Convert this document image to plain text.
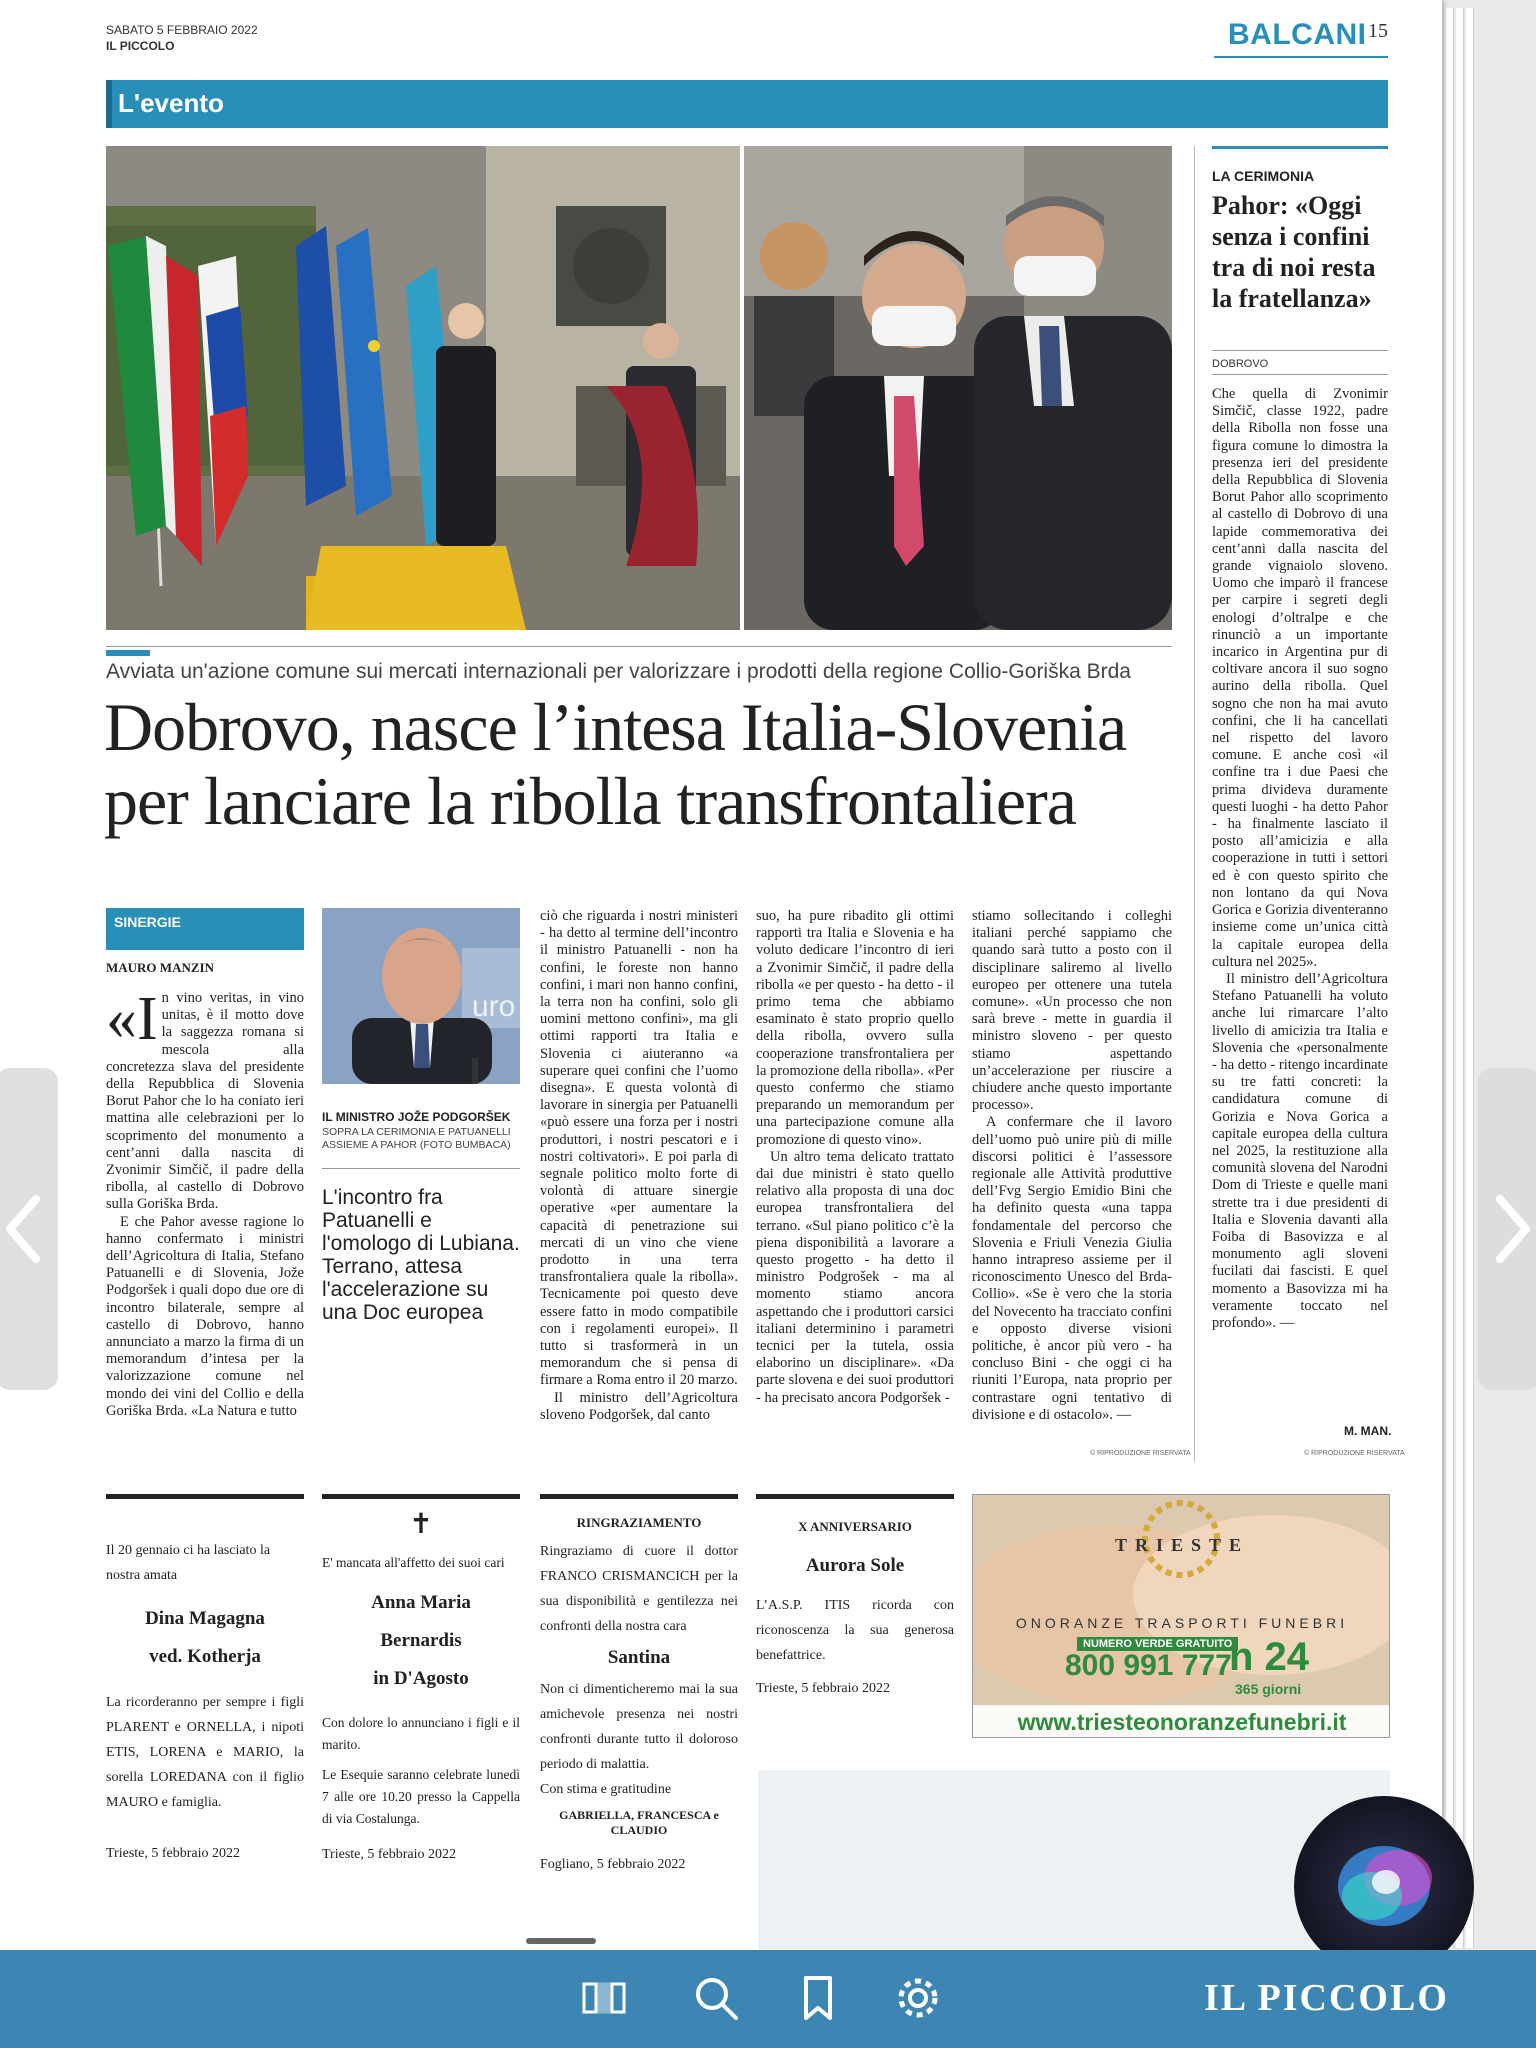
SABATO 5 FEBBRAIO 2022
IL PICCOLO	BALCANI 15
L'evento
Avviata un'azione comune sui mercati internazionali per valorizzare i prodotti della regione Collio-Goriška Brda
Dobrovo, nasce l’intesa Italia-Slovenia
per lanciare la ribolla transfrontaliera
SINERGIE
MAURO MANZIN
«I n vino veritas, in vino unitas, è il motto dove la saggezza romana si mescola alla concretezza slava del presidente della Repubblica di Slovenia Borut Pahor che lo ha coniato ieri mattina alle celebrazioni per lo scoprimento del monumento a cent’anni dalla nascita di Zvonimir Simčič, il padre della ribolla, al castello di Dobrovo sulla Goriška Brda.

E che Pahor avesse ragione lo hanno confermato i ministri dell’Agricoltura di Italia, Stefano Patuanelli e di Slovenia, Jože Podgoršek i quali dopo due ore di incontro bilaterale, sempre al castello di Dobrovo, hanno annunciato a marzo la firma di un memorandum d’intesa per la valorizzazione comune nel mondo dei vini del Collio e della Goriška Brda. «La Natura e tutto

uro
IL MINISTRO JOŽE PODGORŠEK
SOPRA LA CERIMONIA E PATUANELLI ASSIEME A PAHOR (FOTO BUMBACA)
L'incontro fra Patuanelli e l'omologo di Lubiana. Terrano, attesa l'accelerazione su una Doc europea

ciò che riguarda i nostri ministeri - ha detto al termine dell’incontro il ministro Patuanelli - non ha confini, le foreste non hanno confini, i mari non hanno confini, la terra non ha confini, solo gli uomini mettono confini», ma gli ottimi rapporti tra Italia e Slovenia ci aiuteranno «a superare quei confini che l’uomo disegna». E questa volontà di lavorare in sinergia per Patuanelli «può essere una forza per i nostri produttori, i nostri pescatori e i nostri coltivatori». E poi parla di segnale politico molto forte di volontà di attuare sinergie operative «per aumentare la capacità di penetrazione sui mercati di un vino che viene prodotto in una terra transfrontaliera quale la ribolla». Tecnicamente poi questo deve essere fatto in modo compatibile con i regolamenti europei». Il tutto si trasformerà in un memorandum che si pensa di firmare a Roma entro il 20 marzo.

Il ministro dell’Agricoltura sloveno Podgoršek, dal canto

suo, ha pure ribadito gli ottimi rapporti tra Italia e Slovenia e ha voluto dedicare l’incontro di ieri a Zvonimir Simčič, il padre della ribolla «e per questo - ha detto - il primo tema che abbiamo esaminato è stato proprio quello della ribolla, ovvero sulla cooperazione transfrontaliera per la promozione della ribolla». «Per questo confermo che stiamo preparando un memorandum per una partecipazione comune alla promozione di questo vino».

Un altro tema delicato trattato dai due ministri è stato quello relativo alla proposta di una doc europea transfrontaliera del terrano. «Sul piano politico c’è la piena disponibilità a lavorare a questo progetto - ha detto il ministro Podgrošek - ma al momento stiamo ancora aspettando che i produttori carsici italiani determinino i parametri tecnici per la tutela, ossia elaborino un disciplinare». «Da parte slovena e dei suoi produttori - ha precisato ancora Podgoršek -

stiamo sollecitando i colleghi italiani perché sappiamo che quando sarà tutto a posto con il disciplinare saliremo al livello europeo per ottenere una tutela comune». «Un processo che non sarà breve - mette in guardia il ministro sloveno - per questo stiamo aspettando un’accelerazione per riuscire a chiudere anche questo importante processo».

A confermare che il lavoro dell’uomo può unire più di mille discorsi politici è l’assessore regionale alle Attività produttive dell’Fvg Sergio Emidio Bini che ha definito questa «una tappa fondamentale del percorso che Slovenia e Friuli Venezia Giulia hanno intrapreso assieme per il riconoscimento Unesco del Brda-Collio». «Se è vero che la storia del Novecento ha tracciato confini e opposto diverse visioni politiche, è ancor più vero - ha concluso Bini - che oggi ci ha riuniti l’Europa, nata proprio per contrastare ogni tentativo di divisione e di ostacolo». —

© RIPRODUZIONE RISERVATA
LA CERIMONIA
Pahor: «Oggi senza i confini tra di noi resta la fratellanza»
DOBROVO

Che quella di Zvonimir Simčič, classe 1922, padre della Ribolla non fosse una figura comune lo dimostra la presenza ieri del presidente della Repubblica di Slovenia Borut Pahor allo scoprimento al castello di Dobrovo di una lapide commemorativa dei cent’anni dalla nascita del grande vignaiolo sloveno. Uomo che imparò il francese per carpire i segreti degli enologi d’oltralpe e che rinunciò a un importante incarico in Argentina pur di coltivare ancora il suo sogno aurino della ribolla. Quel sogno che non ha mai avuto confini, che li ha cancellati nel rispetto del lavoro comune. E anche così «il confine tra i due Paesi che prima divideva duramente questi luoghi - ha detto Pahor - ha finalmente lasciato il posto all’amicizia e alla cooperazione in tutti i settori ed è con questo spirito che non lontano da qui Nova Gorica e Gorizia diventeranno insieme come un’unica città la capitale europea della cultura nel 2025».

Il ministro dell’Agricoltura Stefano Patuanelli ha voluto anche lui rimarcare l’alto livello di amicizia tra Italia e Slovenia che «personalmente - ha detto - ritengo incardinate su tre fatti concreti: la candidatura comune di Gorizia e Nova Gorica a capitale europea della cultura nel 2025, la restituzione alla comunità slovena del Narodni Dom di Trieste e quelle mani strette tra i due presidenti di Italia e Slovenia davanti alla Foiba di Basovizza e al monumento agli sloveni fucilati dai fascisti. E quel momento a Basovizza mi ha veramente toccato nel profondo». —

M. MAN.
© RIPRODUZIONE RISERVATA
Il 20 gennaio ci ha lasciato la nostra amata
Dina Magagna
ved. Kotherja
La ricorderanno per sempre i figli PLARENT e ORNELLA, i nipoti ETIS, LORENA e MARIO, la sorella LOREDANA con il figlio MAURO e famiglia.
Trieste, 5 febbraio 2022
✝
E' mancata all'affetto dei suoi cari
Anna Maria
Bernardis
in D'Agosto
Con dolore lo annunciano i figli e il marito.
Le Esequie saranno celebrate lunedì 7 alle ore 10.20 presso la Cappella di via Costalunga.
Trieste, 5 febbraio 2022
RINGRAZIAMENTO
Ringraziamo di cuore il dottor FRANCO CRISMANCICH per la sua disponibilità e gentilezza nei confronti della nostra cara
Santina
Non ci dimenticheremo mai la sua amichevole presenza nei nostri confronti durante tutto il doloroso periodo di malattia.
Con stima e gratitudine
GABRIELLA, FRANCESCA e CLAUDIO
Fogliano, 5 febbraio 2022
X ANNIVERSARIO
Aurora Sole
L’A.S.P. ITIS ricorda con riconoscenza la sua generosa benefattrice.
Trieste, 5 febbraio 2022
TRIESTE
ONORANZE TRASPORTI FUNEBRI
NUMERO VERDE GRATUITO
800 991 777
h 24
365 giorni
www.triesteonoranzefunebri.it
IL PICCOLO
